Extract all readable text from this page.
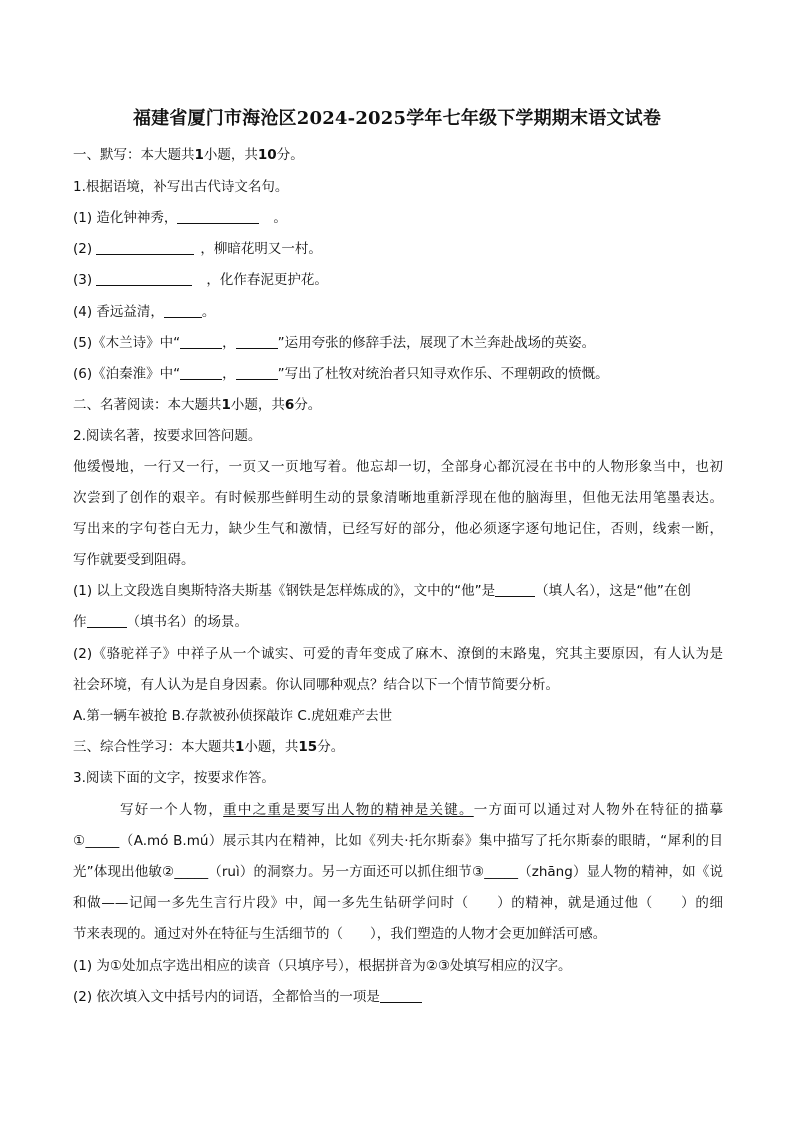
福建省厦门市海沧区2024-2025学年七年级下学期期末语文试卷
一、默写：本大题共1小题，共10分。
1.根据语境，补写出古代诗文名句。
(1) 造化钟神秀，	。
(2)	，柳暗花明又一村。
(3)	，化作春泥更护花。
(4) 香远益清，	。
(5)《木兰诗》中“	，	”运用夸张的修辞手法，展现了木兰奔赴战场的英姿。
(6)《泊秦淮》中“	，	”写出了杜牧对统治者只知寻欢作乐、不理朝政的愤慨。
二、名著阅读：本大题共1小题，共6分。
2.阅读名著，按要求回答问题。
他缓慢地，一行又一行，一页又一页地写着。他忘却一切，全部身心都沉浸在书中的人物形象当中，也初
次尝到了创作的艰辛。有时候那些鲜明生动的景象清晰地重新浮现在他的脑海里，但他无法用笔墨表达。
写出来的字句苍白无力，缺少生气和激情，已经写好的部分，他必须逐字逐句地记住，否则，线索一断，
写作就要受到阻碍。
(1) 以上文段选自奥斯特洛夫斯基《钢铁是怎样炼成的》，文中的“他”是	（填人名），这是“他”在创
作	（填书名）的场景。
(2)《骆驼祥子》中祥子从一个诚实、可爱的青年变成了麻木、潦倒的末路鬼，究其主要原因，有人认为是
社会环境，有人认为是自身因素。你认同哪种观点？结合以下一个情节简要分析。
A.第一辆车被抢 B.存款被孙侦探敲诈 C.虎妞难产去世
三、综合性学习：本大题共1小题，共15分。
3.阅读下面的文字，按要求作答。
写好一个人物，重中之重是要写出人物的精神是关键。一方面可以通过对人物外在特征的描摹
①_____（A.mó B.mú）展示其内在精神，比如《列夫·托尔斯泰》集中描写了托尔斯泰的眼睛，“犀利的目
光”体现出他敏②_____（ruì）的洞察力。另一方面还可以抓住细节③_____（zhāng）显人物的精神，如《说
和做——记闻一多先生言行片段》中，闻一多先生钻研学问时（　　）的精神，就是通过他（　　）的细
节来表现的。通过对外在特征与生活细节的（　　），我们塑造的人物才会更加鲜活可感。
(1) 为①处加点字选出相应的读音（只填序号），根据拼音为②③处填写相应的汉字。
(2) 依次填入文中括号内的词语，全都恰当的一项是
